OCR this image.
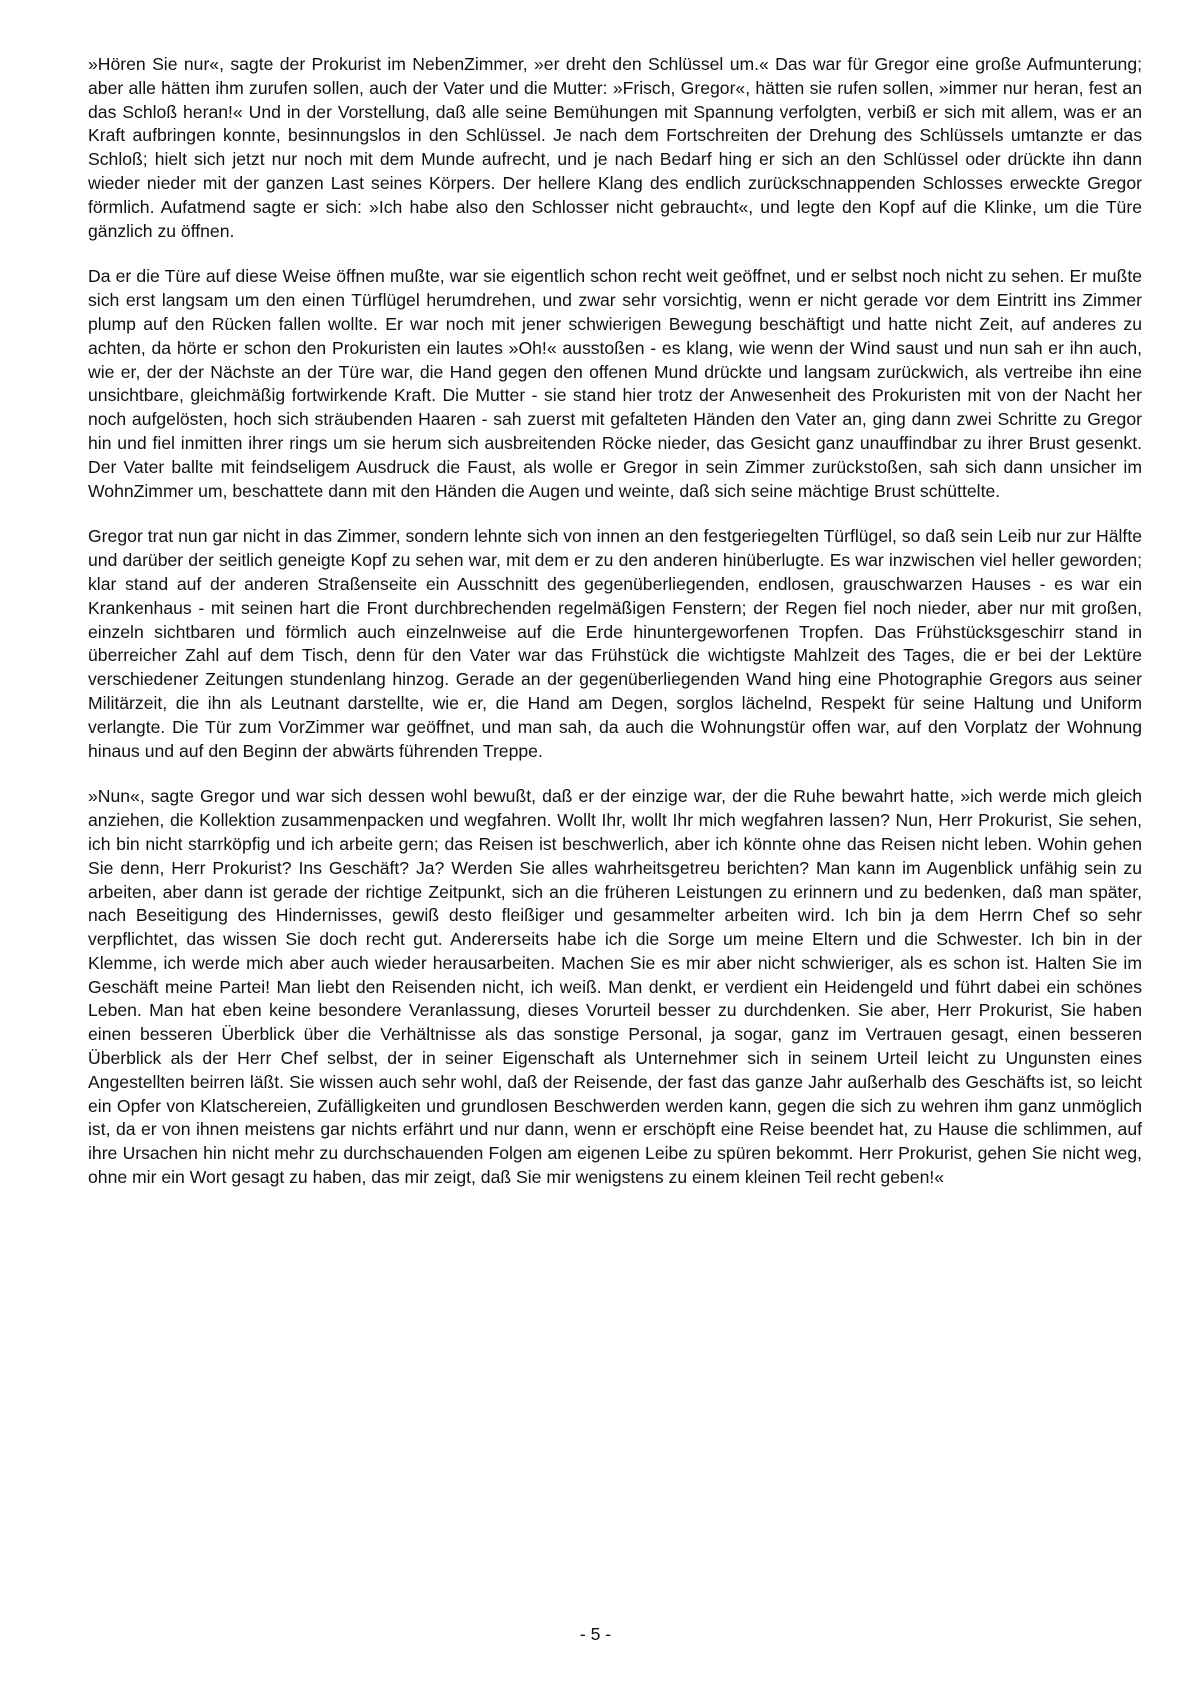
»Hören Sie nur«, sagte der Prokurist im NebenZimmer, »er dreht den Schlüssel um.« Das war für Gregor eine große Aufmunterung; aber alle hätten ihm zurufen sollen, auch der Vater und die Mutter: »Frisch, Gregor«, hätten sie rufen sollen, »immer nur heran, fest an das Schloß heran!« Und in der Vorstellung, daß alle seine Bemühungen mit Spannung verfolgten, verbiß er sich mit allem, was er an Kraft aufbringen konnte, besinnungslos in den Schlüssel. Je nach dem Fortschreiten der Drehung des Schlüssels umtanzte er das Schloß; hielt sich jetzt nur noch mit dem Munde aufrecht, und je nach Bedarf hing er sich an den Schlüssel oder drückte ihn dann wieder nieder mit der ganzen Last seines Körpers. Der hellere Klang des endlich zurückschnappenden Schlosses erweckte Gregor förmlich. Aufatmend sagte er sich: »Ich habe also den Schlosser nicht gebraucht«, und legte den Kopf auf die Klinke, um die Türe gänzlich zu öffnen.

Da er die Türe auf diese Weise öffnen mußte, war sie eigentlich schon recht weit geöffnet, und er selbst noch nicht zu sehen. Er mußte sich erst langsam um den einen Türflügel herumdrehen, und zwar sehr vorsichtig, wenn er nicht gerade vor dem Eintritt ins Zimmer plump auf den Rücken fallen wollte. Er war noch mit jener schwierigen Bewegung beschäftigt und hatte nicht Zeit, auf anderes zu achten, da hörte er schon den Prokuristen ein lautes »Oh!« ausstoßen - es klang, wie wenn der Wind saust und nun sah er ihn auch, wie er, der der Nächste an der Türe war, die Hand gegen den offenen Mund drückte und langsam zurückwich, als vertreibe ihn eine unsichtbare, gleichmäßig fortwirkende Kraft. Die Mutter - sie stand hier trotz der Anwesenheit des Prokuristen mit von der Nacht her noch aufgelösten, hoch sich sträubenden Haaren - sah zuerst mit gefalteten Händen den Vater an, ging dann zwei Schritte zu Gregor hin und fiel inmitten ihrer rings um sie herum sich ausbreitenden Röcke nieder, das Gesicht ganz unauffindbar zu ihrer Brust gesenkt. Der Vater ballte mit feindseligem Ausdruck die Faust, als wolle er Gregor in sein Zimmer zurückstoßen, sah sich dann unsicher im WohnZimmer um, beschattete dann mit den Händen die Augen und weinte, daß sich seine mächtige Brust schüttelte.

Gregor trat nun gar nicht in das Zimmer, sondern lehnte sich von innen an den festgeriegelten Türflügel, so daß sein Leib nur zur Hälfte und darüber der seitlich geneigte Kopf zu sehen war, mit dem er zu den anderen hinüberlugte. Es war inzwischen viel heller geworden; klar stand auf der anderen Straßenseite ein Ausschnitt des gegenüberliegenden, endlosen, grauschwarzen Hauses - es war ein Krankenhaus - mit seinen hart die Front durchbrechenden regelmäßigen Fenstern; der Regen fiel noch nieder, aber nur mit großen, einzeln sichtbaren und förmlich auch einzelnweise auf die Erde hinuntergeworfenen Tropfen. Das Frühstücksgeschirr stand in überreicher Zahl auf dem Tisch, denn für den Vater war das Frühstück die wichtigste Mahlzeit des Tages, die er bei der Lektüre verschiedener Zeitungen stundenlang hinzog. Gerade an der gegenüberliegenden Wand hing eine Photographie Gregors aus seiner Militärzeit, die ihn als Leutnant darstellte, wie er, die Hand am Degen, sorglos lächelnd, Respekt für seine Haltung und Uniform verlangte. Die Tür zum VorZimmer war geöffnet, und man sah, da auch die Wohnungstür offen war, auf den Vorplatz der Wohnung hinaus und auf den Beginn der abwärts führenden Treppe.

»Nun«, sagte Gregor und war sich dessen wohl bewußt, daß er der einzige war, der die Ruhe bewahrt hatte, »ich werde mich gleich anziehen, die Kollektion zusammenpacken und wegfahren. Wollt Ihr, wollt Ihr mich wegfahren lassen? Nun, Herr Prokurist, Sie sehen, ich bin nicht starrköpfig und ich arbeite gern; das Reisen ist beschwerlich, aber ich könnte ohne das Reisen nicht leben. Wohin gehen Sie denn, Herr Prokurist? Ins Geschäft? Ja? Werden Sie alles wahrheitsgetreu berichten? Man kann im Augenblick unfähig sein zu arbeiten, aber dann ist gerade der richtige Zeitpunkt, sich an die früheren Leistungen zu erinnern und zu bedenken, daß man später, nach Beseitigung des Hindernisses, gewiß desto fleißiger und gesammelter arbeiten wird. Ich bin ja dem Herrn Chef so sehr verpflichtet, das wissen Sie doch recht gut. Andererseits habe ich die Sorge um meine Eltern und die Schwester. Ich bin in der Klemme, ich werde mich aber auch wieder herausarbeiten. Machen Sie es mir aber nicht schwieriger, als es schon ist. Halten Sie im Geschäft meine Partei! Man liebt den Reisenden nicht, ich weiß. Man denkt, er verdient ein Heidengeld und führt dabei ein schönes Leben. Man hat eben keine besondere Veranlassung, dieses Vorurteil besser zu durchdenken. Sie aber, Herr Prokurist, Sie haben einen besseren Überblick über die Verhältnisse als das sonstige Personal, ja sogar, ganz im Vertrauen gesagt, einen besseren Überblick als der Herr Chef selbst, der in seiner Eigenschaft als Unternehmer sich in seinem Urteil leicht zu Ungunsten eines Angestellten beirren läßt. Sie wissen auch sehr wohl, daß der Reisende, der fast das ganze Jahr außerhalb des Geschäfts ist, so leicht ein Opfer von Klatschereien, Zufälligkeiten und grundlosen Beschwerden werden kann, gegen die sich zu wehren ihm ganz unmöglich ist, da er von ihnen meistens gar nichts erfährt und nur dann, wenn er erschöpft eine Reise beendet hat, zu Hause die schlimmen, auf ihre Ursachen hin nicht mehr zu durchschauenden Folgen am eigenen Leibe zu spüren bekommt. Herr Prokurist, gehen Sie nicht weg, ohne mir ein Wort gesagt zu haben, das mir zeigt, daß Sie mir wenigstens zu einem kleinen Teil recht geben!«

- 5 -
